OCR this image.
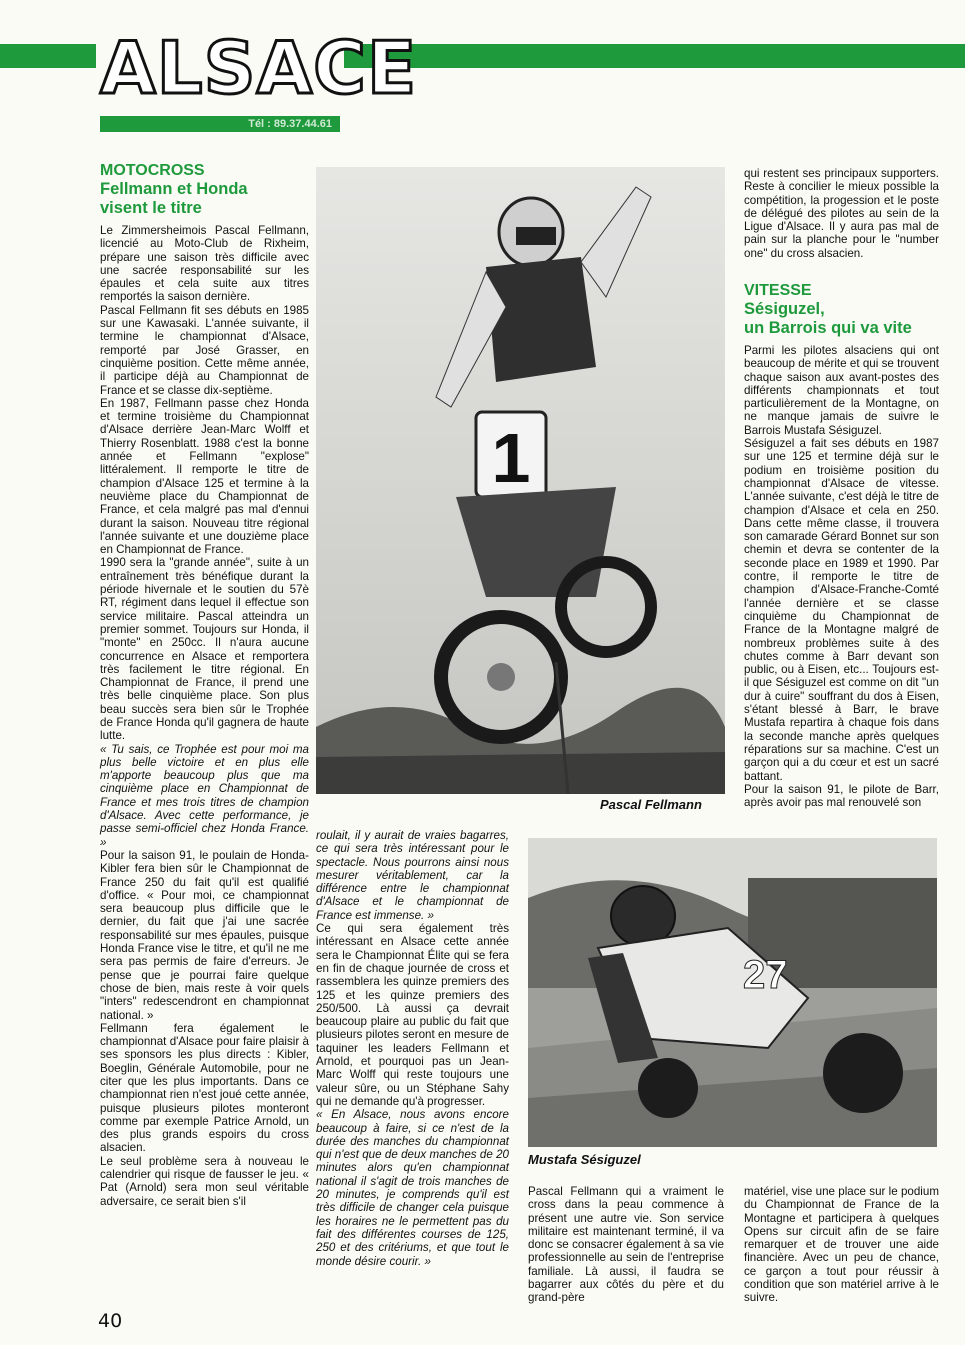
ALSACE
Tél : 89.37.44.61
MOTOCROSS
Fellmann et Honda
visent le titre

Le Zimmersheimois Pascal Fellmann, licencié au Moto-Club de Rixheim, prépare une saison très difficile avec une sacrée responsabilité sur les épaules et cela suite aux titres remportés la saison dernière.

Pascal Fellmann fit ses débuts en 1985 sur une Kawasaki. L'année suivante, il termine le championnat d'Alsace, remporté par José Grasser, en cinquième position. Cette même année, il participe déjà au Championnat de France et se classe dix-septième.

En 1987, Fellmann passe chez Honda et termine troisième du Championnat d'Alsace derrière Jean-Marc Wolff et Thierry Rosenblatt. 1988 c'est la bonne année et Fellmann "explose" littéralement. Il remporte le titre de champion d'Alsace 125 et termine à la neuvième place du Championnat de France, et cela malgré pas mal d'ennui durant la saison. Nouveau titre régional l'année suivante et une douzième place en Championnat de France.

1990 sera la "grande année", suite à un entraînement très bénéfique durant la période hivernale et le soutien du 57è RT, régiment dans lequel il effectue son service militaire. Pascal atteindra un premier sommet. Toujours sur Honda, il "monte" en 250cc. Il n'aura aucune concurrence en Alsace et remportera très facilement le titre régional. En Championnat de France, il prend une très belle cinquième place. Son plus beau succès sera bien sûr le Trophée de France Honda qu'il gagnera de haute lutte.

« Tu sais, ce Trophée est pour moi ma plus belle victoire et en plus elle m'apporte beaucoup plus que ma cinquième place en Championnat de France et mes trois titres de champion d'Alsace. Avec cette performance, je passe semi-officiel chez Honda France. »

Pour la saison 91, le poulain de Honda-Kibler fera bien sûr le Championnat de France 250 du fait qu'il est qualifié d'office. « Pour moi, ce championnat sera beaucoup plus difficile que le dernier, du fait que j'ai une sacrée responsabilité sur mes épaules, puisque Honda France vise le titre, et qu'il ne me sera pas permis de faire d'erreurs. Je pense que je pourrai faire quelque chose de bien, mais reste à voir quels "inters" redescendront en championnat national. »

Fellmann fera également le championnat d'Alsace pour faire plaisir à ses sponsors les plus directs : Kibler, Boeglin, Générale Automobile, pour ne citer que les plus importants. Dans ce championnat rien n'est joué cette année, puisque plusieurs pilotes monteront comme par exemple Patrice Arnold, un des plus grands espoirs du cross alsacien.

Le seul problème sera à nouveau le calendrier qui risque de fausser le jeu. « Pat (Arnold) sera mon seul véritable adversaire, ce serait bien s'il

1
Pascal Fellmann

roulait, il y aurait de vraies bagarres, ce qui sera très intéressant pour le spectacle. Nous pourrons ainsi nous mesurer véritablement, car la différence entre le championnat d'Alsace et le championnat de France est immense. »

Ce qui sera également très intéressant en Alsace cette année sera le Championnat Élite qui se fera en fin de chaque journée de cross et rassemblera les quinze premiers des 125 et les quinze premiers des 250/500. Là aussi ça devrait beaucoup plaire au public du fait que plusieurs pilotes seront en mesure de taquiner les leaders Fellmann et Arnold, et pourquoi pas un Jean-Marc Wolff qui reste toujours une valeur sûre, ou un Stéphane Sahy qui ne demande qu'à progresser.

« En Alsace, nous avons encore beaucoup à faire, si ce n'est de la durée des manches du championnat qui n'est que de deux manches de 20 minutes alors qu'en championnat national il s'agit de trois manches de 20 minutes, je comprends qu'il est très difficile de changer cela puisque les horaires ne le permettent pas du fait des différentes courses de 125, 250 et des critériums, et que tout le monde désire courir. »

qui restent ses principaux supporters. Reste à concilier le mieux possible la compétition, la progession et le poste de délégué des pilotes au sein de la Ligue d'Alsace. Il y aura pas mal de pain sur la planche pour le "number one" du cross alsacien.

VITESSE
Sésiguzel,
un Barrois qui va vite

Parmi les pilotes alsaciens qui ont beaucoup de mérite et qui se trouvent chaque saison aux avant-postes des différents championnats et tout particulièrement de la Montagne, on ne manque jamais de suivre le Barrois Mustafa Sésiguzel.

Sésiguzel a fait ses débuts en 1987 sur une 125 et termine déjà sur le podium en troisième position du championnat d'Alsace de vitesse. L'année suivante, c'est déjà le titre de champion d'Alsace et cela en 250. Dans cette même classe, il trouvera son camarade Gérard Bonnet sur son chemin et devra se contenter de la seconde place en 1989 et 1990. Par contre, il remporte le titre de champion d'Alsace-Franche-Comté l'année dernière et se classe cinquième du Championnat de France de la Montagne malgré de nombreux problèmes suite à des chutes comme à Barr devant son public, ou à Eisen, etc... Toujours est-il que Sésiguzel est comme on dit "un dur à cuire" souffrant du dos à Eisen, s'étant blessé à Barr, le brave Mustafa repartira à chaque fois dans la seconde manche après quelques réparations sur sa machine. C'est un garçon qui a du cœur et est un sacré battant.

Pour la saison 91, le pilote de Barr, après avoir pas mal renouvelé son

27
Mustafa Sésiguzel

Pascal Fellmann qui a vraiment le cross dans la peau commence à présent une autre vie. Son service militaire est maintenant terminé, il va donc se consacrer également à sa vie professionnelle au sein de l'entreprise familiale. Là aussi, il faudra se bagarrer aux côtés du père et du grand-père

matériel, vise une place sur le podium du Championnat de France de la Montagne et participera à quelques Opens sur circuit afin de se faire remarquer et de trouver une aide financière. Avec un peu de chance, ce garçon a tout pour réussir à condition que son matériel arrive à le suivre.

40
